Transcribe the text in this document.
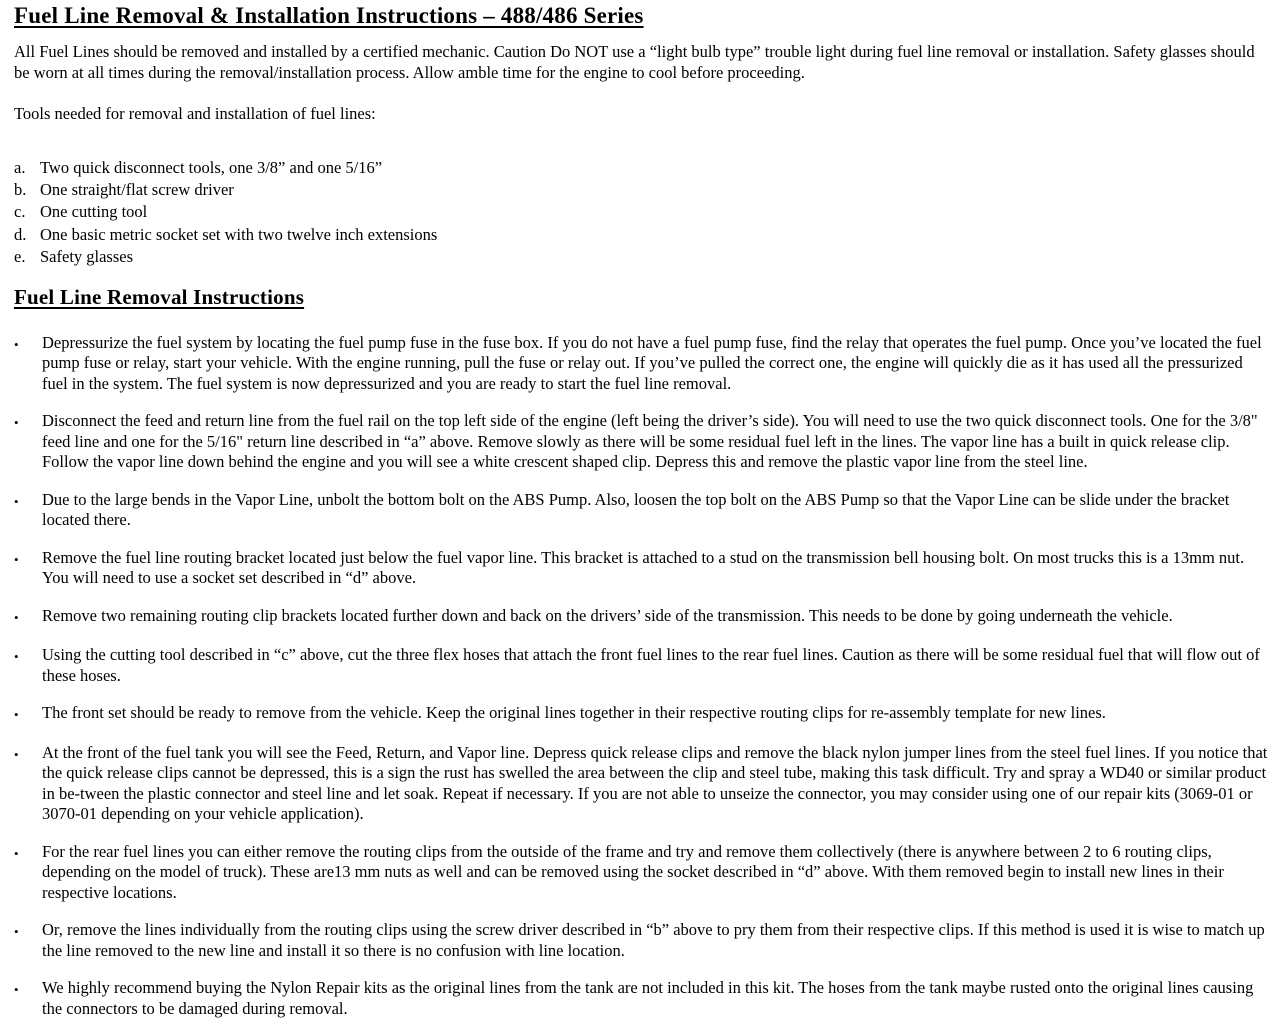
Fuel Line Removal & Installation Instructions – 488/486 Series

All Fuel Lines should be removed and installed by a certified mechanic. Caution Do NOT use a “light bulb type” trouble light during fuel line removal or installation. Safety glasses should be worn at all times during the removal/installation process. Allow amble time for the engine to cool before proceeding.

Tools needed for removal and installation of fuel lines:

a. Two quick disconnect tools, one 3/8” and one 5/16”
b. One straight/flat screw driver
c. One cutting tool
d. One basic metric socket set with two twelve inch extensions
e. Safety glasses
Fuel Line Removal Instructions
•	Depressurize the fuel system by locating the fuel pump fuse in the fuse box. If you do not have a fuel pump fuse, find the relay that operates the fuel pump. Once you’ve located the fuel pump fuse or relay, start your vehicle. With the engine running, pull the fuse or relay out. If you’ve pulled the correct one, the engine will quickly die as it has used all the pressurized fuel in the system. The fuel system is now depressurized and you are ready to start the fuel line removal.
•	Disconnect the feed and return line from the fuel rail on the top left side of the engine (left being the driver’s side). You will need to use the two quick disconnect tools. One for the 3/8" feed line and one for the 5/16" return line described in “a” above. Remove slowly as there will be some residual fuel left in the lines. The vapor line has a built in quick release clip. Follow the vapor line down behind the engine and you will see a white crescent shaped clip. Depress this and remove the plastic vapor line from the steel line.
•	Due to the large bends in the Vapor Line, unbolt the bottom bolt on the ABS Pump. Also, loosen the top bolt on the ABS Pump so that the Vapor Line can be slide under the bracket located there.
•	Remove the fuel line routing bracket located just below the fuel vapor line. This bracket is attached to a stud on the transmission bell housing bolt. On most trucks this is a 13mm nut. You will need to use a socket set described in “d” above.
•	Remove two remaining routing clip brackets located further down and back on the drivers’ side of the transmission. This needs to be done by going underneath the vehicle.
•	Using the cutting tool described in “c” above, cut the three flex hoses that attach the front fuel lines to the rear fuel lines. Caution as there will be some residual fuel that will flow out of these hoses.
•	The front set should be ready to remove from the vehicle. Keep the original lines together in their respective routing clips for re-assembly template for new lines.
•	At the front of the fuel tank you will see the Feed, Return, and Vapor line. Depress quick release clips and remove the black nylon jumper lines from the steel fuel lines. If you notice that the quick release clips cannot be depressed, this is a sign the rust has swelled the area between the clip and steel tube, making this task difficult. Try and spray a WD40 or similar product in be-tween the plastic connector and steel line and let soak. Repeat if necessary. If you are not able to unseize the connector, you may consider using one of our repair kits (3069-01 or 3070-01 depending on your vehicle application).
•	For the rear fuel lines you can either remove the routing clips from the outside of the frame and try and remove them collectively (there is anywhere between 2 to 6 routing clips, depending on the model of truck). These are13 mm nuts as well and can be removed using the socket described in “d” above. With them removed begin to install new lines in their respective locations.
•	Or, remove the lines individually from the routing clips using the screw driver described in “b” above to pry them from their respective clips. If this method is used it is wise to match up the line removed to the new line and install it so there is no confusion with line location.
•	We highly recommend buying the Nylon Repair kits as the original lines from the tank are not included in this kit. The hoses from the tank maybe rusted onto the original lines causing the connectors to be damaged during removal.
